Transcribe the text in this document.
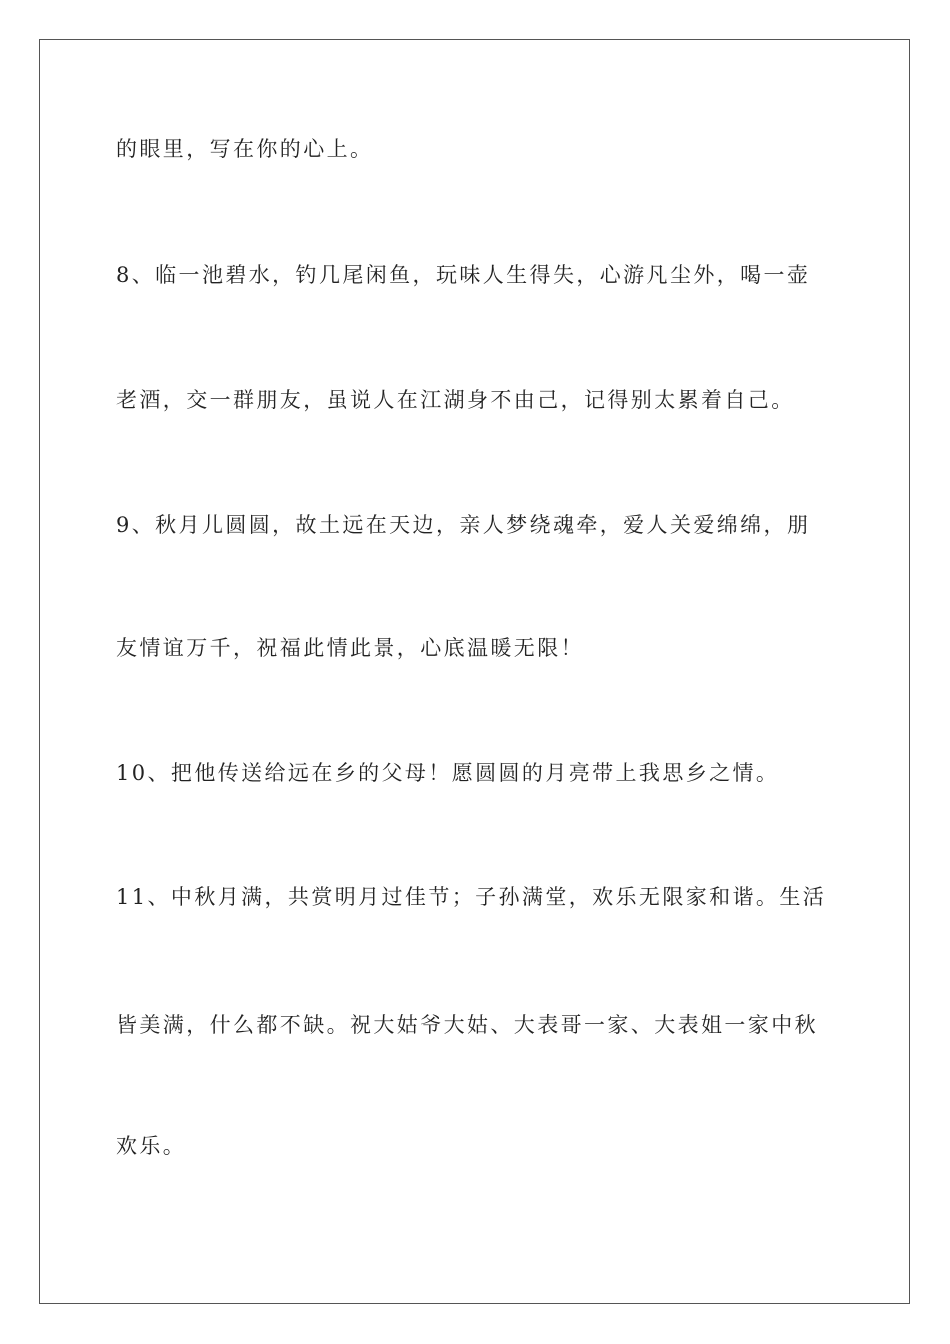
的眼里，写在你的心上。
8、临一池碧水，钓几尾闲鱼，玩味人生得失，心游凡尘外，喝一壶
老酒，交一群朋友，虽说人在江湖身不由己，记得别太累着自己。
9、秋月儿圆圆，故土远在天边，亲人梦绕魂牵，爱人关爱绵绵，朋
友情谊万千，祝福此情此景，心底温暖无限！
10、把他传送给远在乡的父母！愿圆圆的月亮带上我思乡之情。
11、中秋月满，共赏明月过佳节；子孙满堂，欢乐无限家和谐。生活
皆美满，什么都不缺。祝大姑爷大姑、大表哥一家、大表姐一家中秋
欢乐。
